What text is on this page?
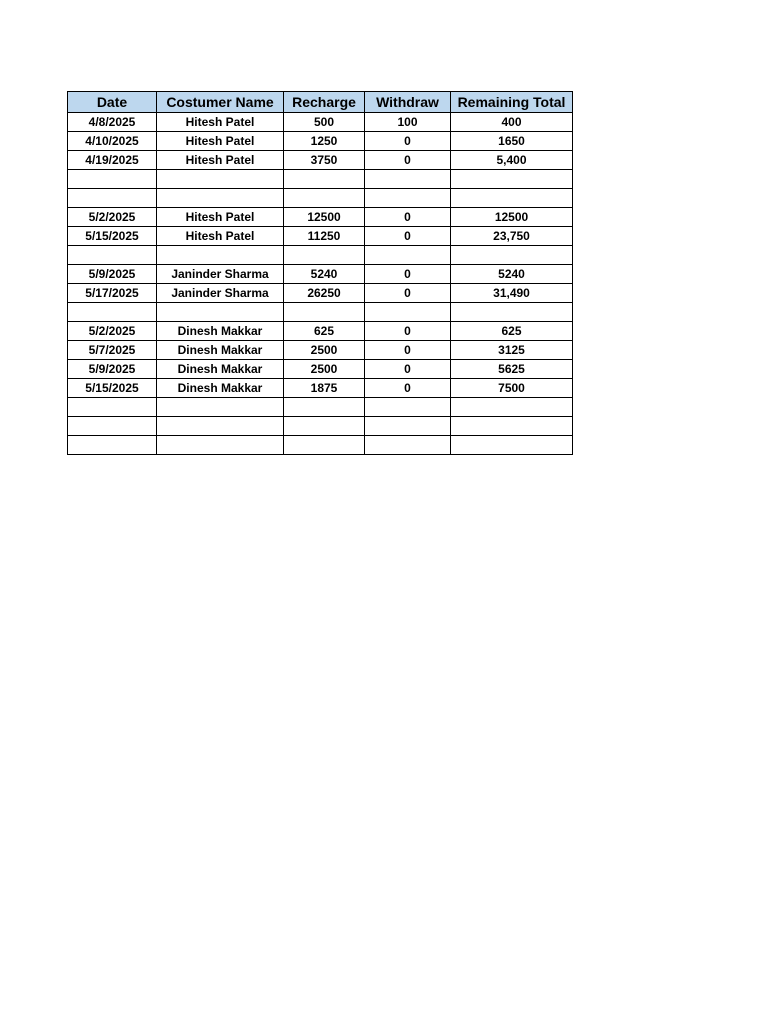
Date	Costumer Name	Recharge	Withdraw	Remaining Total
4/8/2025	Hitesh Patel	500	100	400
4/10/2025	Hitesh Patel	1250	0	1650
4/19/2025	Hitesh Patel	3750	0	5,400

5/2/2025	Hitesh Patel	12500	0	12500
5/15/2025	Hitesh Patel	11250	0	23,750

5/9/2025	Janinder Sharma	5240	0	5240
5/17/2025	Janinder Sharma	26250	0	31,490

5/2/2025	Dinesh Makkar	625	0	625
5/7/2025	Dinesh Makkar	2500	0	3125
5/9/2025	Dinesh Makkar	2500	0	5625
5/15/2025	Dinesh Makkar	1875	0	7500
